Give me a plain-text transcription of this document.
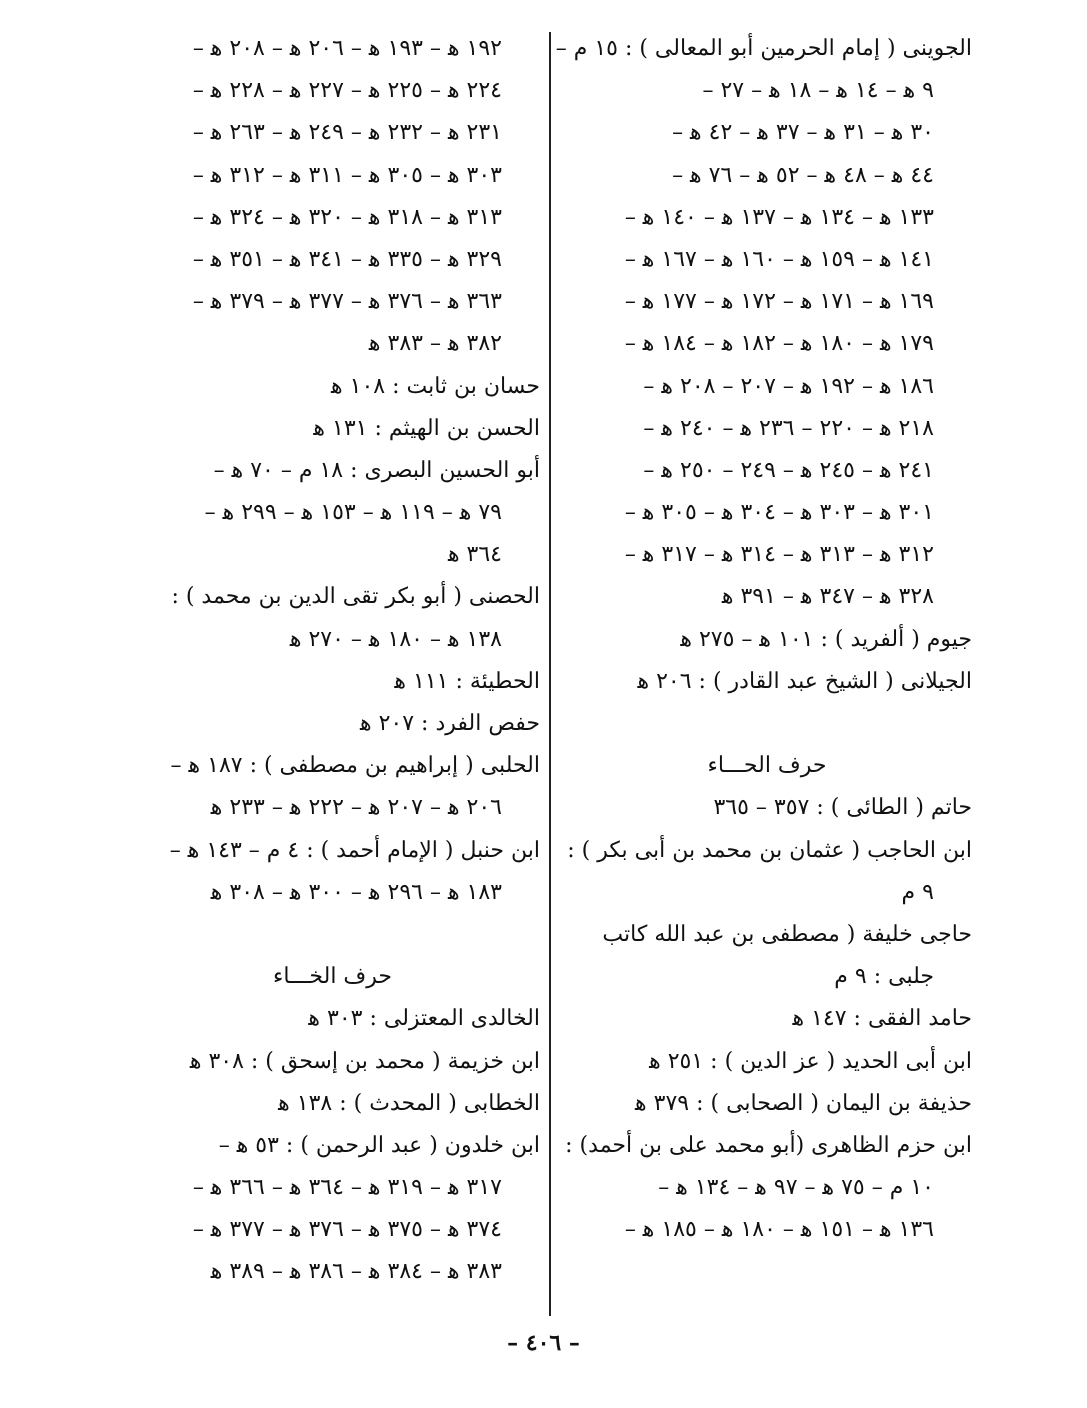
الجوينى ( إمام الحرمين أبو المعالى ) : ١٥ م –
٩ ﻫ – ١٤ ﻫ – ١٨ ﻫ – ٢٧ –
٣٠ ﻫ – ٣١ ﻫ – ٣٧ ﻫ – ٤٢ ﻫ –
٤٤ ﻫ – ٤٨ ﻫ – ٥٢ ﻫ – ٧٦ ﻫ –
١٣٣ ﻫ – ١٣٤ ﻫ – ١٣٧ ﻫ – ١٤٠ ﻫ –
١٤١ ﻫ – ١٥٩ ﻫ – ١٦٠ ﻫ – ١٦٧ ﻫ –
١٦٩ ﻫ – ١٧١ ﻫ – ١٧٢ ﻫ – ١٧٧ ﻫ –
١٧٩ ﻫ – ١٨٠ ﻫ – ١٨٢ ﻫ – ١٨٤ ﻫ –
١٨٦ ﻫ – ١٩٢ ﻫ – ٢٠٧ – ٢٠٨ ﻫ –
٢١٨ ﻫ – ٢٢٠ – ٢٣٦ ﻫ – ٢٤٠ ﻫ –
٢٤١ ﻫ – ٢٤٥ ﻫ – ٢٤٩ – ٢٥٠ ﻫ –
٣٠١ ﻫ – ٣٠٣ ﻫ – ٣٠٤ ﻫ – ٣٠٥ ﻫ –
٣١٢ ﻫ – ٣١٣ ﻫ – ٣١٤ ﻫ – ٣١٧ ﻫ –
٣٢٨ ﻫ – ٣٤٧ ﻫ – ٣٩١ ﻫ
جيوم ( ألفريد ) : ١٠١ ﻫ – ٢٧٥ ﻫ
الجيلانى ( الشيخ عبد القادر ) : ٢٠٦ ﻫ
حرف الحـــاء
حاتم ( الطائى ) : ٣٥٧ – ٣٦٥
ابن الحاجب ( عثمان بن محمد بن أبى بكر ) :
٩ م
حاجى خليفة ( مصطفى بن عبد الله كاتب
جلبى : ٩ م
حامد الفقى : ١٤٧ ﻫ
ابن أبى الحديد ( عز الدين ) : ٢٥١ ﻫ
حذيفة بن اليمان ( الصحابى ) : ٣٧٩ ﻫ
ابن حزم الظاهرى (أبو محمد على بن أحمد) :
١٠ م – ٧٥ ﻫ – ٩٧ ﻫ – ١٣٤ ﻫ –
١٣٦ ﻫ – ١٥١ ﻫ – ١٨٠ ﻫ – ١٨٥ ﻫ –
١٩٢ ﻫ – ١٩٣ ﻫ – ٢٠٦ ﻫ – ٢٠٨ ﻫ –
٢٢٤ ﻫ – ٢٢٥ ﻫ – ٢٢٧ ﻫ – ٢٢٨ ﻫ –
٢٣١ ﻫ – ٢٣٢ ﻫ – ٢٤٩ ﻫ – ٢٦٣ ﻫ –
٣٠٣ ﻫ – ٣٠٥ ﻫ – ٣١١ ﻫ – ٣١٢ ﻫ –
٣١٣ ﻫ – ٣١٨ ﻫ – ٣٢٠ ﻫ – ٣٢٤ ﻫ –
٣٢٩ ﻫ – ٣٣٥ ﻫ – ٣٤١ ﻫ – ٣٥١ ﻫ –
٣٦٣ ﻫ – ٣٧٦ ﻫ – ٣٧٧ ﻫ – ٣٧٩ ﻫ –
٣٨٢ ﻫ – ٣٨٣ ﻫ
حسان بن ثابت : ١٠٨ ﻫ
الحسن بن الهيثم : ١٣١ ﻫ
أبو الحسين البصرى : ١٨ م – ٧٠ ﻫ –
٧٩ ﻫ – ١١٩ ﻫ – ١٥٣ ﻫ – ٢٩٩ ﻫ –
٣٦٤ ﻫ
الحصنى ( أبو بكر تقى الدين بن محمد ) :
١٣٨ ﻫ – ١٨٠ ﻫ – ٢٧٠ ﻫ
الحطيئة : ١١١ ﻫ
حفص الفرد : ٢٠٧ ﻫ
الحلبى ( إبراهيم بن مصطفى ) : ١٨٧ ﻫ –
٢٠٦ ﻫ – ٢٠٧ ﻫ – ٢٢٢ ﻫ – ٢٣٣ ﻫ
ابن حنبل ( الإمام أحمد ) : ٤ م – ١٤٣ ﻫ –
١٨٣ ﻫ – ٢٩٦ ﻫ – ٣٠٠ ﻫ – ٣٠٨ ﻫ
حرف الخـــاء
الخالدى المعتزلى : ٣٠٣ ﻫ
ابن خزيمة ( محمد بن إسحق ) : ٣٠٨ ﻫ
الخطابى ( المحدث ) : ١٣٨ ﻫ
ابن خلدون ( عبد الرحمن ) : ٥٣ ﻫ –
٣١٧ ﻫ – ٣١٩ ﻫ – ٣٦٤ ﻫ – ٣٦٦ ﻫ –
٣٧٤ ﻫ – ٣٧٥ ﻫ – ٣٧٦ ﻫ – ٣٧٧ ﻫ –
٣٨٣ ﻫ – ٣٨٤ ﻫ – ٣٨٦ ﻫ – ٣٨٩ ﻫ
– ٤٠٦ –
